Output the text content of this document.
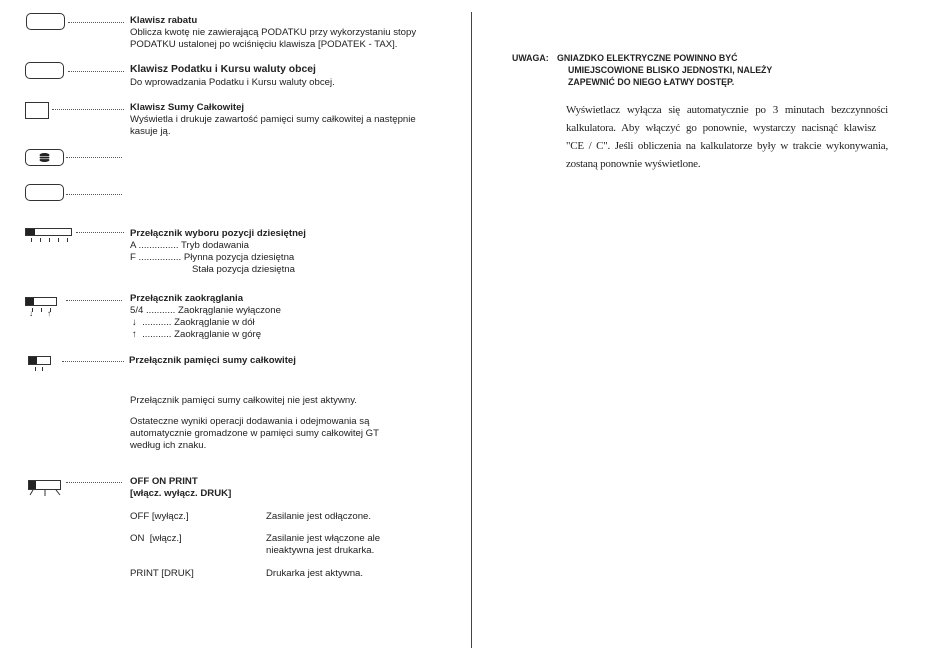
Klawisz rabatu
Oblicza kwotę nie zawierającą PODATKU przy wykorzystaniu stopy
PODATKU ustalonej po wciśnięciu klawisza [PODATEK - TAX].
Klawisz Podatku i Kursu waluty obcej
Do wprowadzania Podatku i Kursu waluty obcej.
Klawisz Sumy Całkowitej
Wyświetla i drukuje zawartość pamięci sumy całkowitej a następnie
kasuje ją.
Przełącznik wyboru pozycji dziesiętnej
A ............... Tryb dodawania
F ................ Płynna pozycja dziesiętna
Stała pozycja dziesiętna
↓ ↑
Przełącznik zaokrąglania
5/4 ........... Zaokrąglanie wyłączone
↓ ........... Zaokrąglanie w dół
↑ ........... Zaokrąglanie w górę
Przełącznik pamięci sumy całkowitej
Przełącznik pamięci sumy całkowitej nie jest aktywny.
Ostateczne wyniki operacji dodawania i odejmowania są
automatycznie gromadzone w pamięci sumy całkowitej GT
według ich znaku.
OFF ON PRINT
[włącz. wyłącz. DRUK]
OFF [wyłącz.]	Zasilanie jest odłączone.
ON  [włącz.]	Zasilanie jest włączone ale
nieaktywna jest drukarka.
PRINT [DRUK]	Drukarka jest aktywna.
UWAGA: GNIAZDKO ELEKTRYCZNE POWINNO BYĆ
UMIEJSCOWIONE BLISKO JEDNOSTKI, NALEŻY
ZAPEWNIĆ DO NIEGO ŁATWY DOSTĘP.
Wyświetlacz wyłącza się automatycznie po 3 minutach bezczynności
kalkulatora. Aby włączyć go ponownie, wystarczy nacisnąć klawisz
"CE / C". Jeśli obliczenia na kalkulatorze były w trakcie wykonywania,
zostaną ponownie wyświetlone.
